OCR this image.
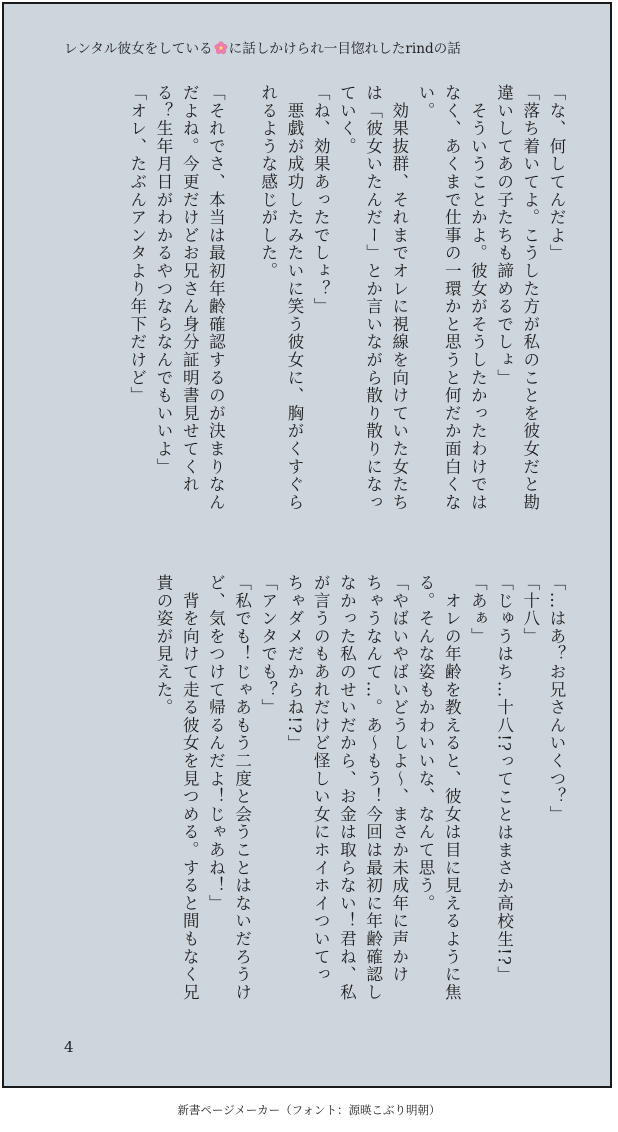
レンタル彼女をしている に話しかけられ一目惚れしたrindの話
「な、何してんだよ」
「落ち着いてよ。こうした方が私のことを彼女だと勘
違いしてあの子たちも諦めるでしょ」
　そういうことかよ。彼女がそうしたかったわけでは
なく、あくまで仕事の一環かと思うと何だか面白くな
い。
　効果抜群、それまでオレに視線を向けていた女たち
は「彼女いたんだー」とか言いながら散り散りになっ
ていく。
「ね、効果あったでしょ？」
　悪戯が成功したみたいに笑う彼女に、胸がくすぐら
れるような感じがした。
「それでさ、本当は最初年齢確認するのが決まりなん
だよね。今更だけどお兄さん身分証明書見せてくれ
る？生年月日がわかるやつならなんでもいいよ」
「オレ、たぶんアンタより年下だけど」
「…はあ？お兄さんいくつ？」
「十八」
「じゅうはち…十八!?ってことはまさか高校生!?」
「あぁ」
　オレの年齢を教えると、彼女は目に見えるように焦
る。そんな姿もかわいいな、なんて思う。
「やばいやばいどうしよ〜、まさか未成年に声かけ
ちゃうなんて…。あ〜もう！今回は最初に年齢確認し
なかった私のせいだから、お金は取らない！君ね、私
が言うのもあれだけど怪しい女にホイホイついてっ
ちゃダメだからね!?」
「アンタでも？」
「私でも！じゃあもう二度と会うことはないだろうけ
ど、気をつけて帰るんだよ！じゃあね！」
　背を向けて走る彼女を見つめる。すると間もなく兄
貴の姿が見えた。
4
新書ページメーカー（フォント：源暎こぶり明朝）
